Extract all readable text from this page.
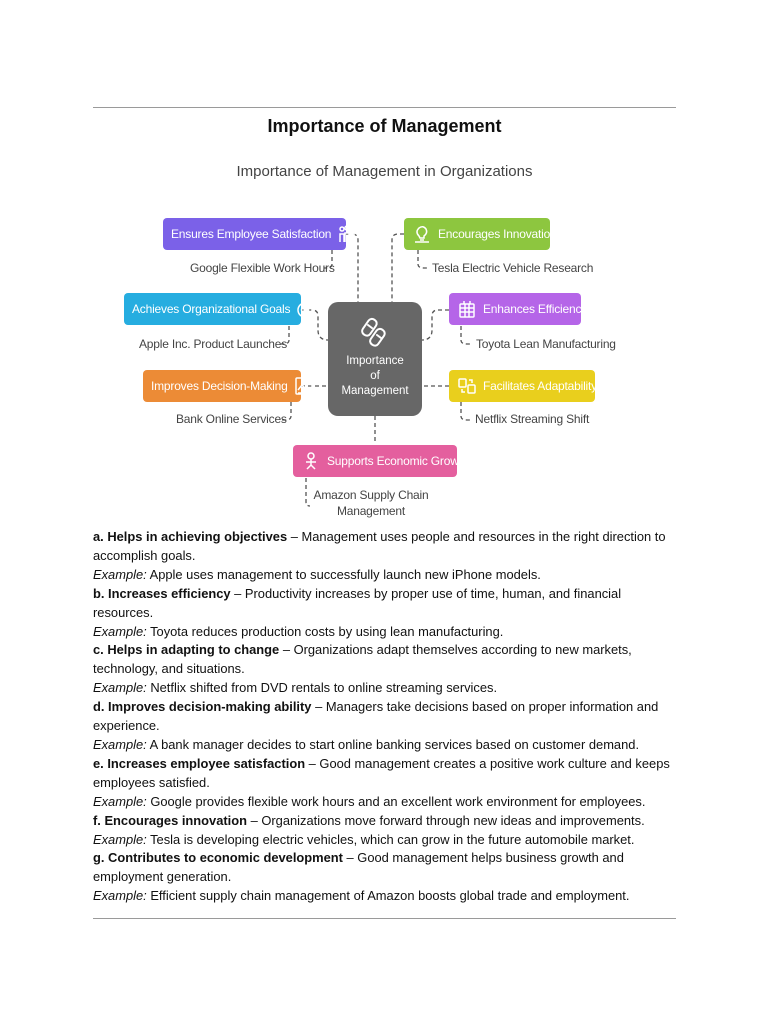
Importance of Management
Importance of Management in Organizations
Importance
of
Management
Ensures Employee Satisfaction
Google Flexible Work Hours
Achieves Organizational Goals
Apple Inc. Product Launches
Improves Decision-Making
Bank Online Services
Encourages Innovation
Tesla Electric Vehicle Research
Enhances Efficiency
Toyota Lean Manufacturing
Facilitates Adaptability
Netflix Streaming Shift
Supports Economic Growth
Amazon Supply Chain Management

a. Helps in achieving objectives – Management uses people and resources in the right direction to accomplish goals.

Example: Apple uses management to successfully launch new iPhone models.

b. Increases efficiency – Productivity increases by proper use of time, human, and financial resources.

Example: Toyota reduces production costs by using lean manufacturing.

c. Helps in adapting to change – Organizations adapt themselves according to new markets, technology, and situations.

Example: Netflix shifted from DVD rentals to online streaming services.

d. Improves decision-making ability – Managers take decisions based on proper information and experience.

Example: A bank manager decides to start online banking services based on customer demand.

e. Increases employee satisfaction – Good management creates a positive work culture and keeps employees satisfied.

Example: Google provides flexible work hours and an excellent work environment for employees.

f. Encourages innovation – Organizations move forward through new ideas and improvements.

Example: Tesla is developing electric vehicles, which can grow in the future automobile market.

g. Contributes to economic development – Good management helps business growth and employment generation.

Example: Efficient supply chain management of Amazon boosts global trade and employment.
